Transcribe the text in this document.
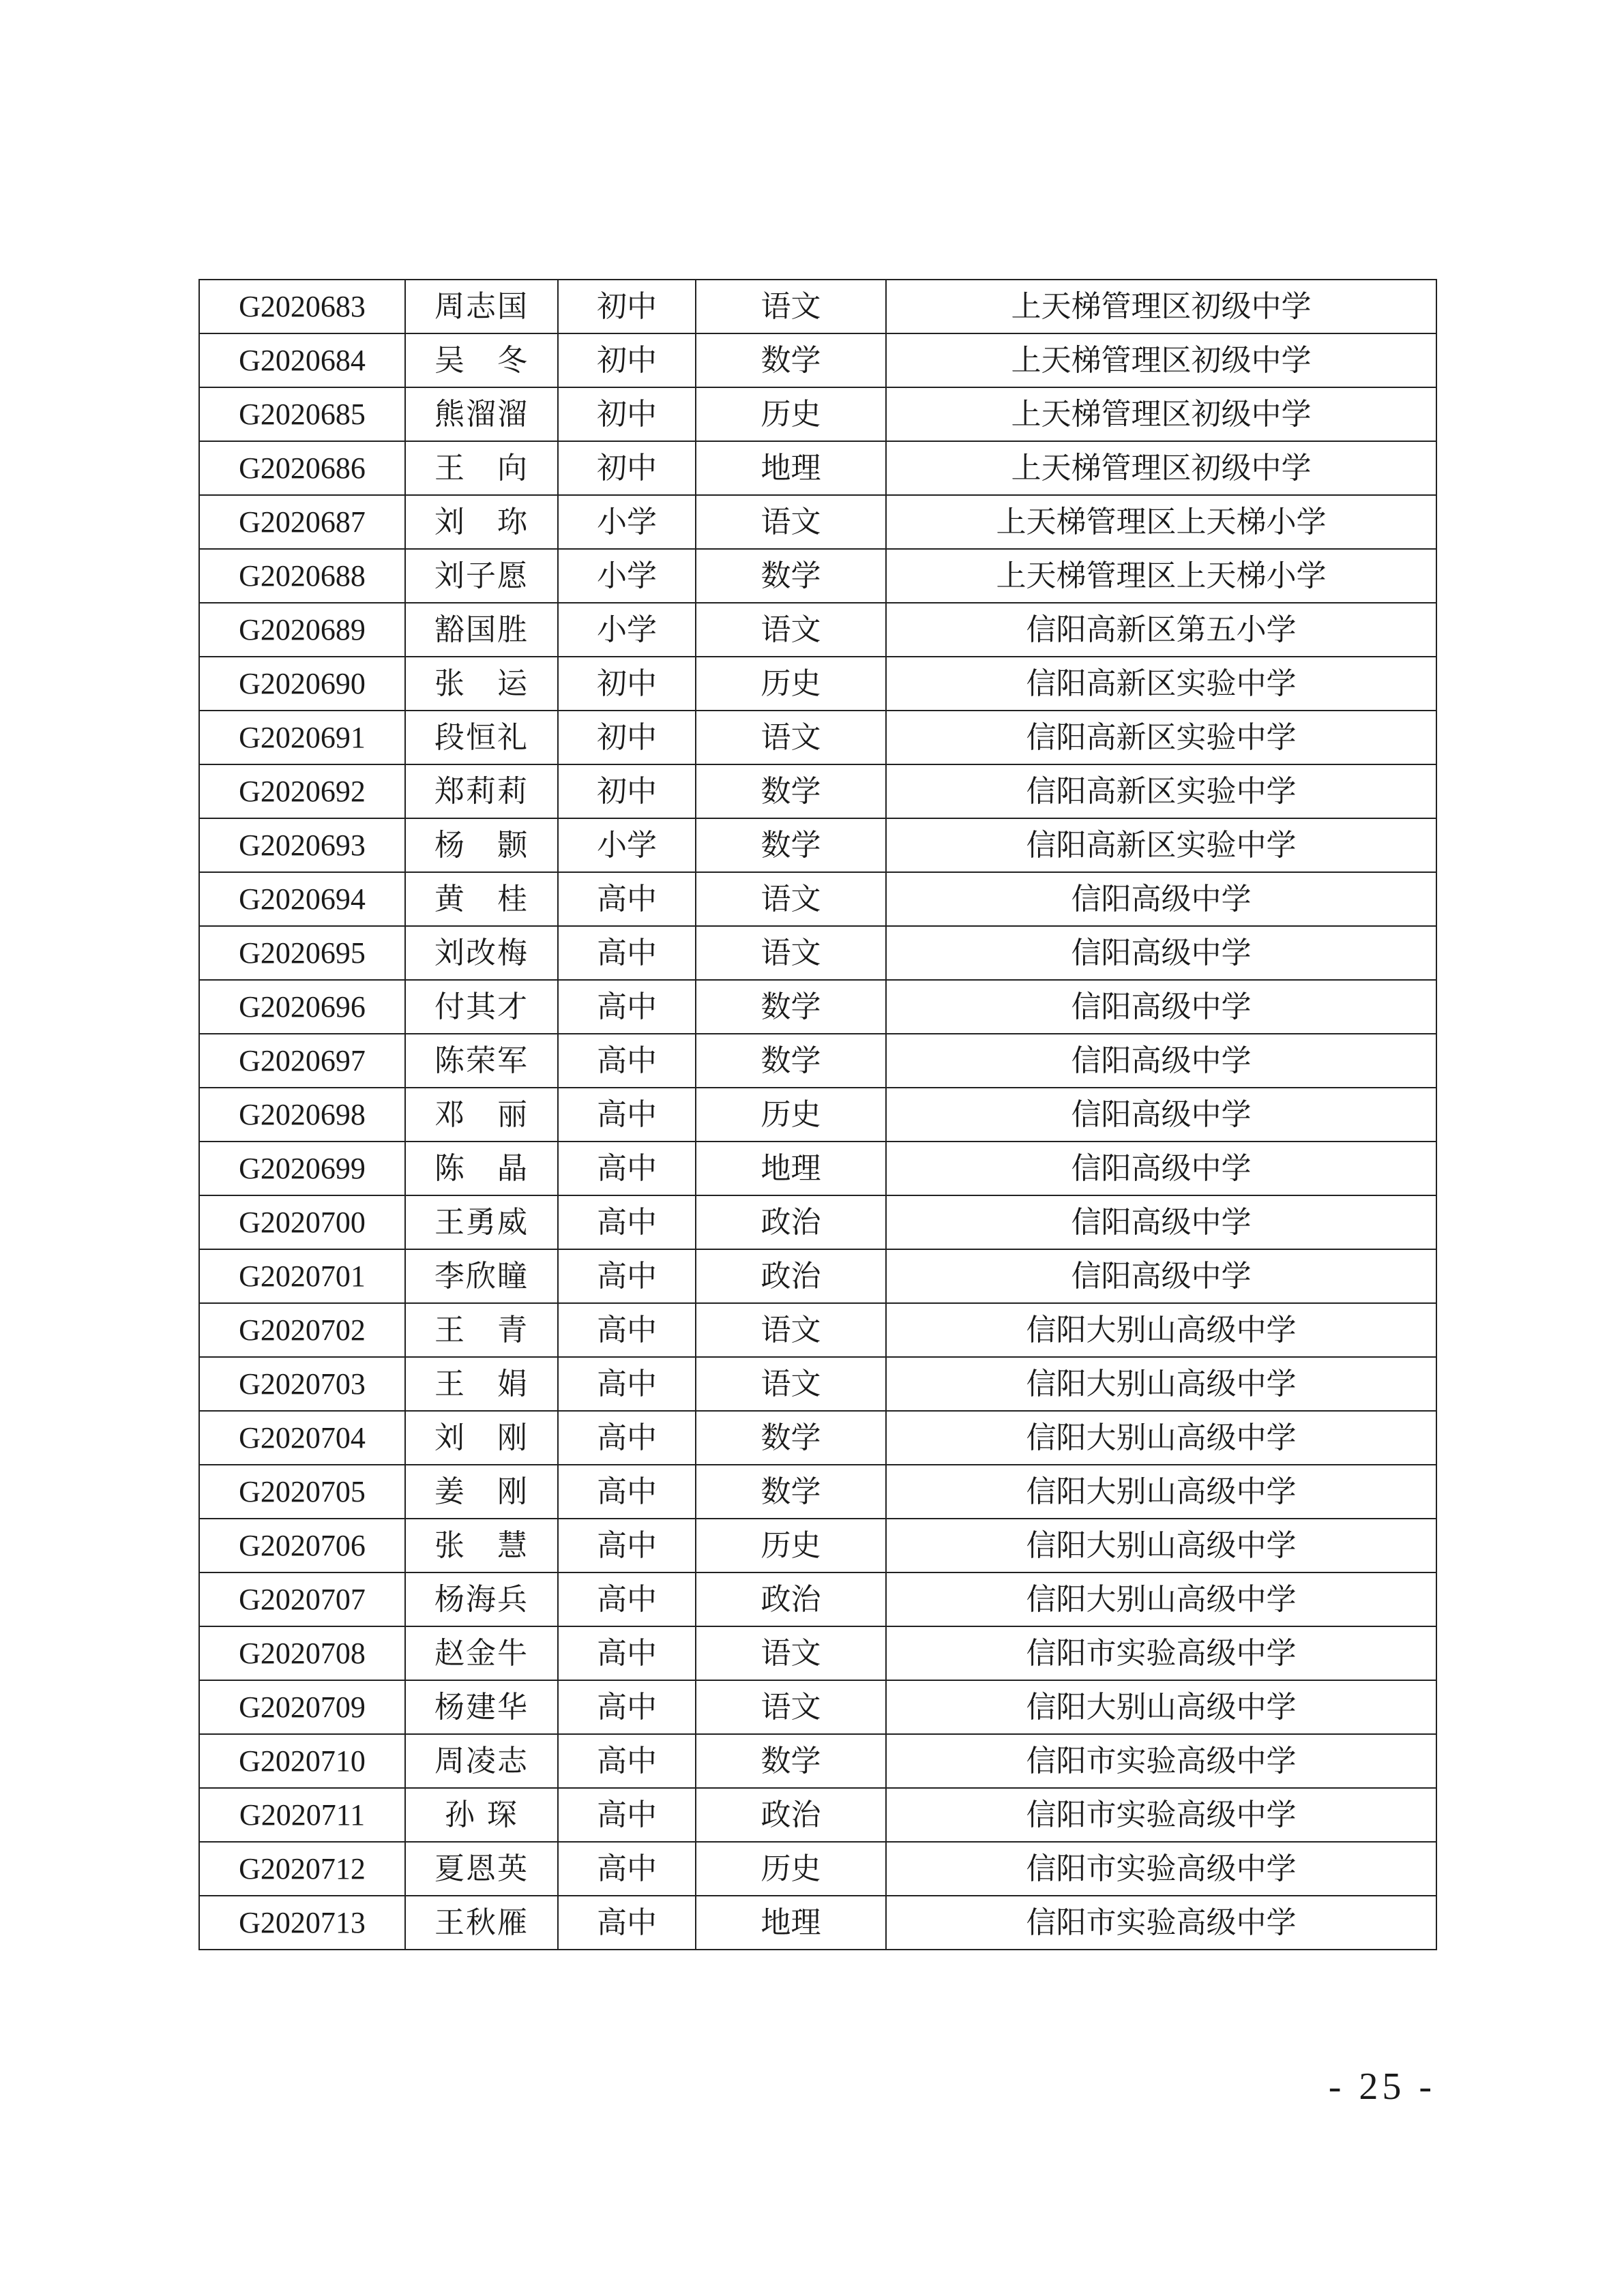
G2020683	周志国	初中	语文	上天梯管理区初级中学
G2020684	吴　冬	初中	数学	上天梯管理区初级中学
G2020685	熊溜溜	初中	历史	上天梯管理区初级中学
G2020686	王　向	初中	地理	上天梯管理区初级中学
G2020687	刘　珎	小学	语文	上天梯管理区上天梯小学
G2020688	刘子愿	小学	数学	上天梯管理区上天梯小学
G2020689	豁国胜	小学	语文	信阳高新区第五小学
G2020690	张　运	初中	历史	信阳高新区实验中学
G2020691	段恒礼	初中	语文	信阳高新区实验中学
G2020692	郑莉莉	初中	数学	信阳高新区实验中学
G2020693	杨　颢	小学	数学	信阳高新区实验中学
G2020694	黄　桂	高中	语文	信阳高级中学
G2020695	刘改梅	高中	语文	信阳高级中学
G2020696	付其才	高中	数学	信阳高级中学
G2020697	陈荣军	高中	数学	信阳高级中学
G2020698	邓　丽	高中	历史	信阳高级中学
G2020699	陈　晶	高中	地理	信阳高级中学
G2020700	王勇威	高中	政治	信阳高级中学
G2020701	李欣瞳	高中	政治	信阳高级中学
G2020702	王　青	高中	语文	信阳大别山高级中学
G2020703	王　娟	高中	语文	信阳大别山高级中学
G2020704	刘　刚	高中	数学	信阳大别山高级中学
G2020705	姜　刚	高中	数学	信阳大别山高级中学
G2020706	张　慧	高中	历史	信阳大别山高级中学
G2020707	杨海兵	高中	政治	信阳大别山高级中学
G2020708	赵金牛	高中	语文	信阳市实验高级中学
G2020709	杨建华	高中	语文	信阳大别山高级中学
G2020710	周凌志	高中	数学	信阳市实验高级中学
G2020711	孙 琛	高中	政治	信阳市实验高级中学
G2020712	夏恩英	高中	历史	信阳市实验高级中学
G2020713	王秋雁	高中	地理	信阳市实验高级中学
- 25 -
